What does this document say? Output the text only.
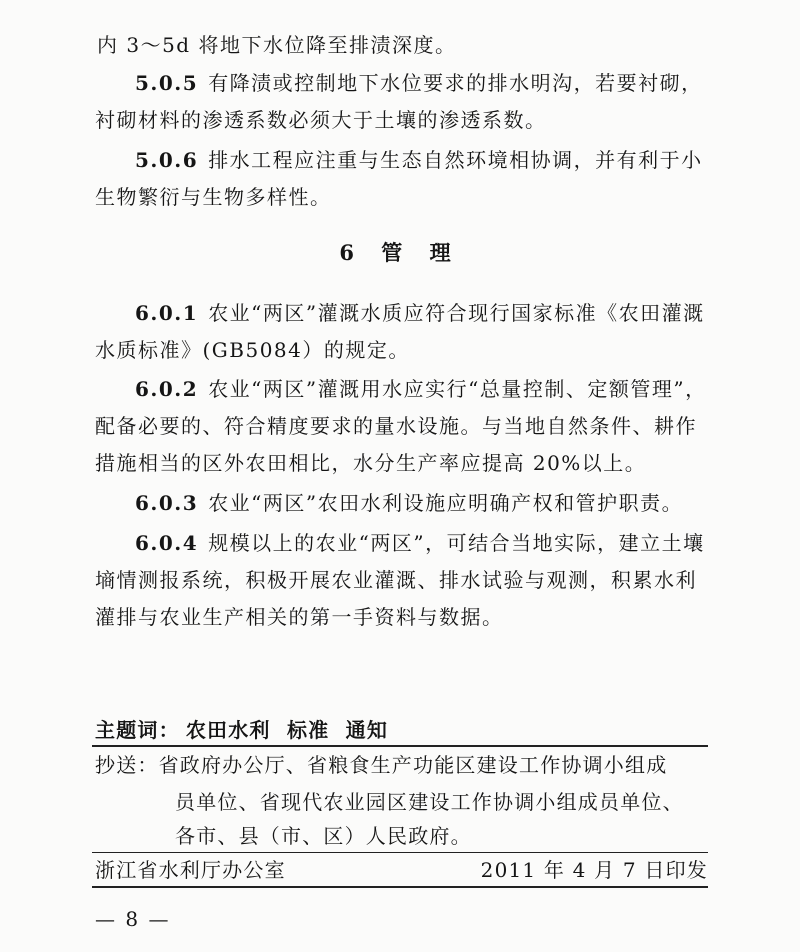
内 3～5d 将地下水位降至排渍深度。
5.0.5 有降渍或控制地下水位要求的排水明沟，若要衬砌，
衬砌材料的渗透系数必须大于土壤的渗透系数。
5.0.6 排水工程应注重与生态自然环境相协调，并有利于小
生物繁衍与生物多样性。
6 管 理
6.0.1 农业“两区”灌溉水质应符合现行国家标准《农田灌溉
水质标准》(GB5084）的规定。
6.0.2 农业“两区”灌溉用水应实行“总量控制、定额管理”，
配备必要的、符合精度要求的量水设施。与当地自然条件、耕作
措施相当的区外农田相比，水分生产率应提高 20%以上。
6.0.3 农业“两区”农田水利设施应明确产权和管护职责。
6.0.4 规模以上的农业“两区”，可结合当地实际，建立土壤
墒情测报系统，积极开展农业灌溉、排水试验与观测，积累水利
灌排与农业生产相关的第一手资料与数据。
主题词： 农田水利  标准  通知
抄送：省政府办公厅、省粮食生产功能区建设工作协调小组成
员单位、省现代农业园区建设工作协调小组成员单位、
各市、县（市、区）人民政府。
浙江省水利厅办公室	2011 年 4 月 7 日印发
— 8 —
